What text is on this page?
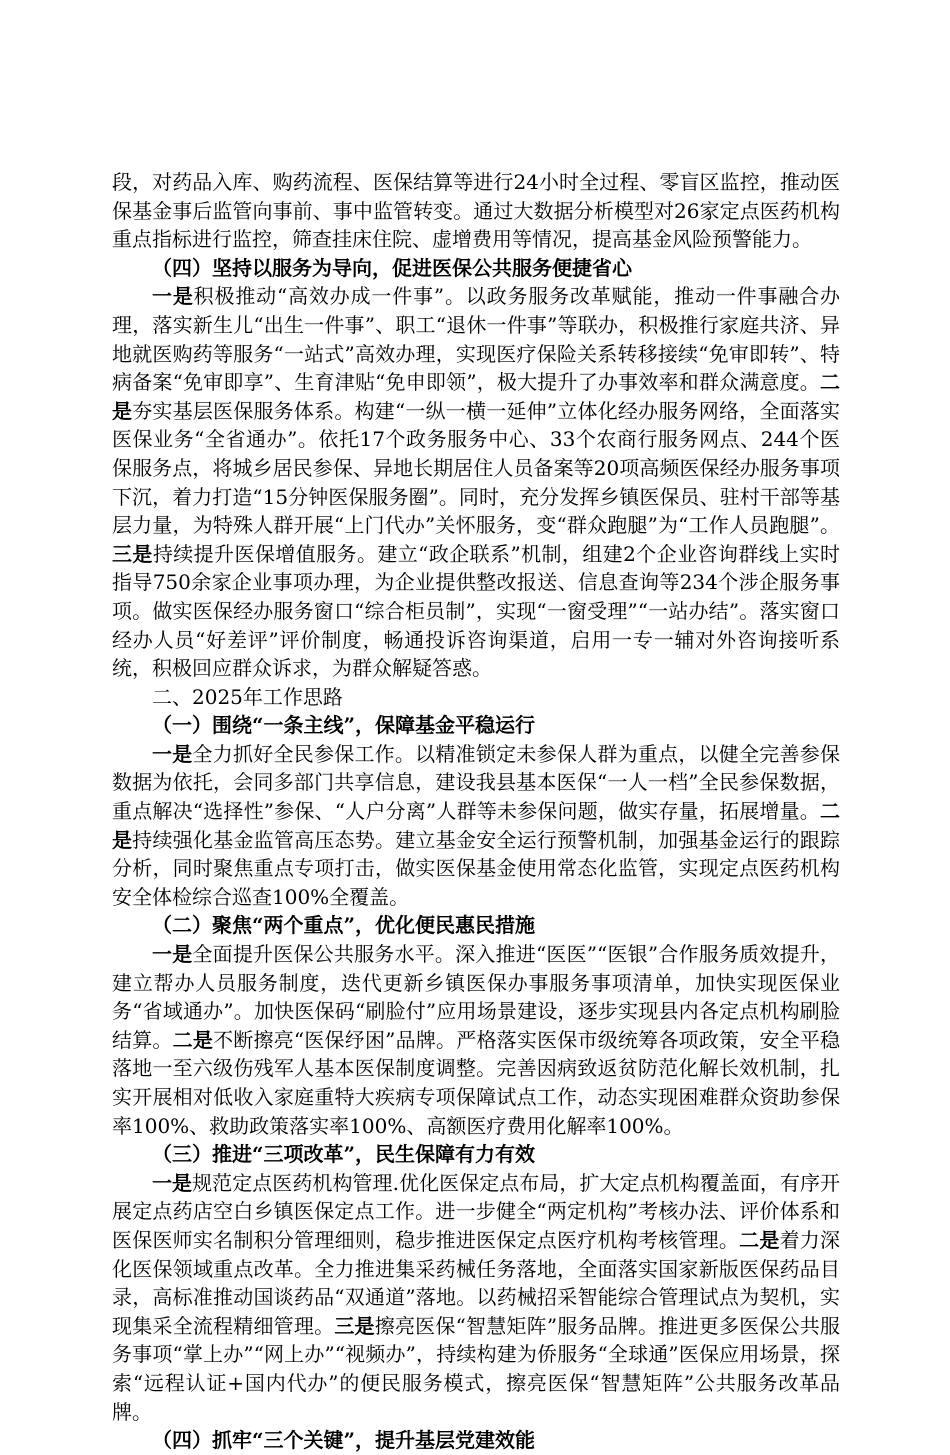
段，对药品入库、购药流程、医保结算等进行24小时全过程、零盲区监控，推动医保基金事后监管向事前、事中监管转变。通过大数据分析模型对26家定点医药机构重点指标进行监控，筛查挂床住院、虚增费用等情况，提高基金风险预警能力。

（四）坚持以服务为导向，促进医保公共服务便捷省心

一是积极推动“高效办成一件事”。以政务服务改革赋能，推动一件事融合办理，落实新生儿“出生一件事”、职工“退休一件事”等联办，积极推行家庭共济、异地就医购药等服务“一站式”高效办理，实现医疗保险关系转移接续“免审即转”、特病备案“免审即享”、生育津贴“免申即领”，极大提升了办事效率和群众满意度。二是夯实基层医保服务体系。构建“一纵一横一延伸”立体化经办服务网络，全面落实医保业务“全省通办”。依托17个政务服务中心、33个农商行服务网点、244个医保服务点，将城乡居民参保、异地长期居住人员备案等20项高频医保经办服务事项下沉，着力打造“15分钟医保服务圈”。同时，充分发挥乡镇医保员、驻村干部等基层力量，为特殊人群开展“上门代办”关怀服务，变“群众跑腿”为“工作人员跑腿”。三是持续提升医保增值服务。建立“政企联系”机制，组建2个企业咨询群线上实时指导750余家企业事项办理，为企业提供整改报送、信息查询等234个涉企服务事项。做实医保经办服务窗口“综合柜员制”，实现“一窗受理”“一站办结”。落实窗口经办人员“好差评”评价制度，畅通投诉咨询渠道，启用一专一辅对外咨询接听系统，积极回应群众诉求，为群众解疑答惑。

二、2025年工作思路

（一）围绕“一条主线”，保障基金平稳运行

一是全力抓好全民参保工作。以精准锁定未参保人群为重点，以健全完善参保数据为依托，会同多部门共享信息，建设我县基本医保“一人一档”全民参保数据，重点解决“选择性”参保、“人户分离”人群等未参保问题，做实存量，拓展增量。二是持续强化基金监管高压态势。建立基金安全运行预警机制，加强基金运行的跟踪分析，同时聚焦重点专项打击，做实医保基金使用常态化监管，实现定点医药机构安全体检综合巡查100%全覆盖。

（二）聚焦“两个重点”，优化便民惠民措施

一是全面提升医保公共服务水平。深入推进“医医”“医银”合作服务质效提升，建立帮办人员服务制度，迭代更新乡镇医保办事服务事项清单，加快实现医保业务“省域通办”。加快医保码“刷脸付”应用场景建设，逐步实现县内各定点机构刷脸结算。二是不断擦亮“医保纾困”品牌。严格落实医保市级统筹各项政策，安全平稳落地一至六级伤残军人基本医保制度调整。完善因病致返贫防范化解长效机制，扎实开展相对低收入家庭重特大疾病专项保障试点工作，动态实现困难群众资助参保率100%、救助政策落实率100%、高额医疗费用化解率100%。

（三）推进“三项改革”，民生保障有力有效

一是规范定点医药机构管理.优化医保定点布局，扩大定点机构覆盖面，有序开展定点药店空白乡镇医保定点工作。进一步健全“两定机构”考核办法、评价体系和医保医师实名制积分管理细则，稳步推进医保定点医疗机构考核管理。二是着力深化医保领域重点改革。全力推进集采药械任务落地，全面落实国家新版医保药品目录，高标准推动国谈药品“双通道”落地。以药械招采智能综合管理试点为契机，实现集采全流程精细管理。三是擦亮医保“智慧矩阵”服务品牌。推进更多医保公共服务事项“掌上办”“网上办”“视频办”，持续构建为侨服务“全球通”医保应用场景，探索“远程认证+国内代办”的便民服务模式，擦亮医保“智慧矩阵”公共服务改革品牌。

（四）抓牢“三个关键”，提升基层党建效能
